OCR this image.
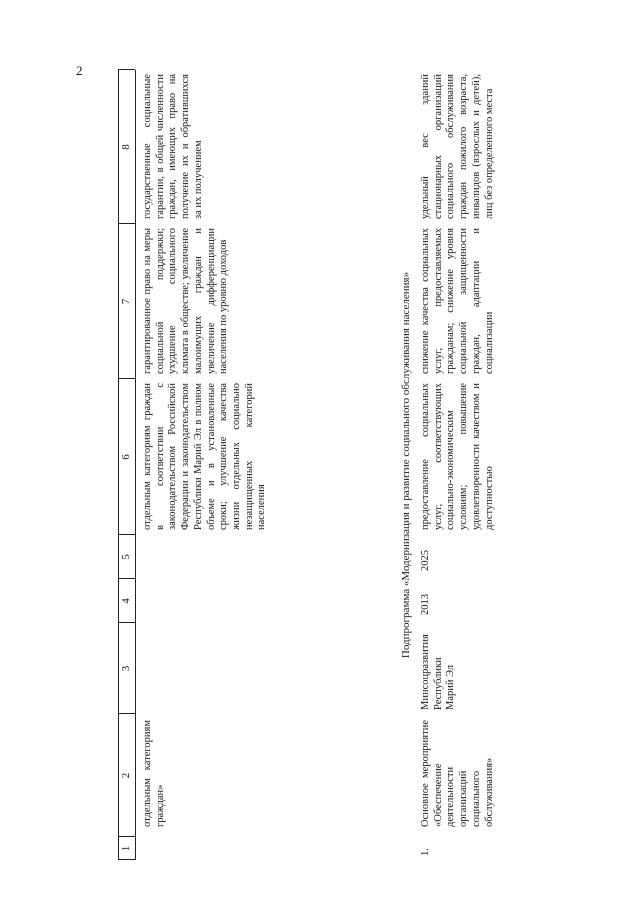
2
1
2
3
4
5
6
7
8
отдельным категориям граждан»
отдельным категориям граждан в соответствии с законодательством Российской Федерации и законодательством Республики Марий Эл в полном объеме и в установленные сроки; улучшение качества жизни отдельных социально незащищенных категорий населения
гарантированное право на меры социальной поддержки; ухудшение социального климата в обществе; увеличение малоимущих граждан и увеличение дифференциации населения по уровню доходов
государственные социальные гарантии, в общей численности граждан, имеющих право на получение их и обратившихся за их получением
Подпрограмма «Модернизация и развитие социального обслуживания населения»
1.
Основное мероприятие «Обеспечение деятельности организаций социального обслуживания»
Минсоцразвития Республики Марий Эл
2013
2025
предоставление социальных услуг, соответствующих социально-экономическим условиям; повышение удовлетворенности качеством и доступностью
снижение качества социальных услуг, предоставляемых гражданам; снижение уровня социальной защищенности граждан, адаптации и социализации
удельный вес зданий стационарных организаций социального обслуживания граждан пожилого возраста, инвалидов (взрослых и детей), лиц без определенного места
